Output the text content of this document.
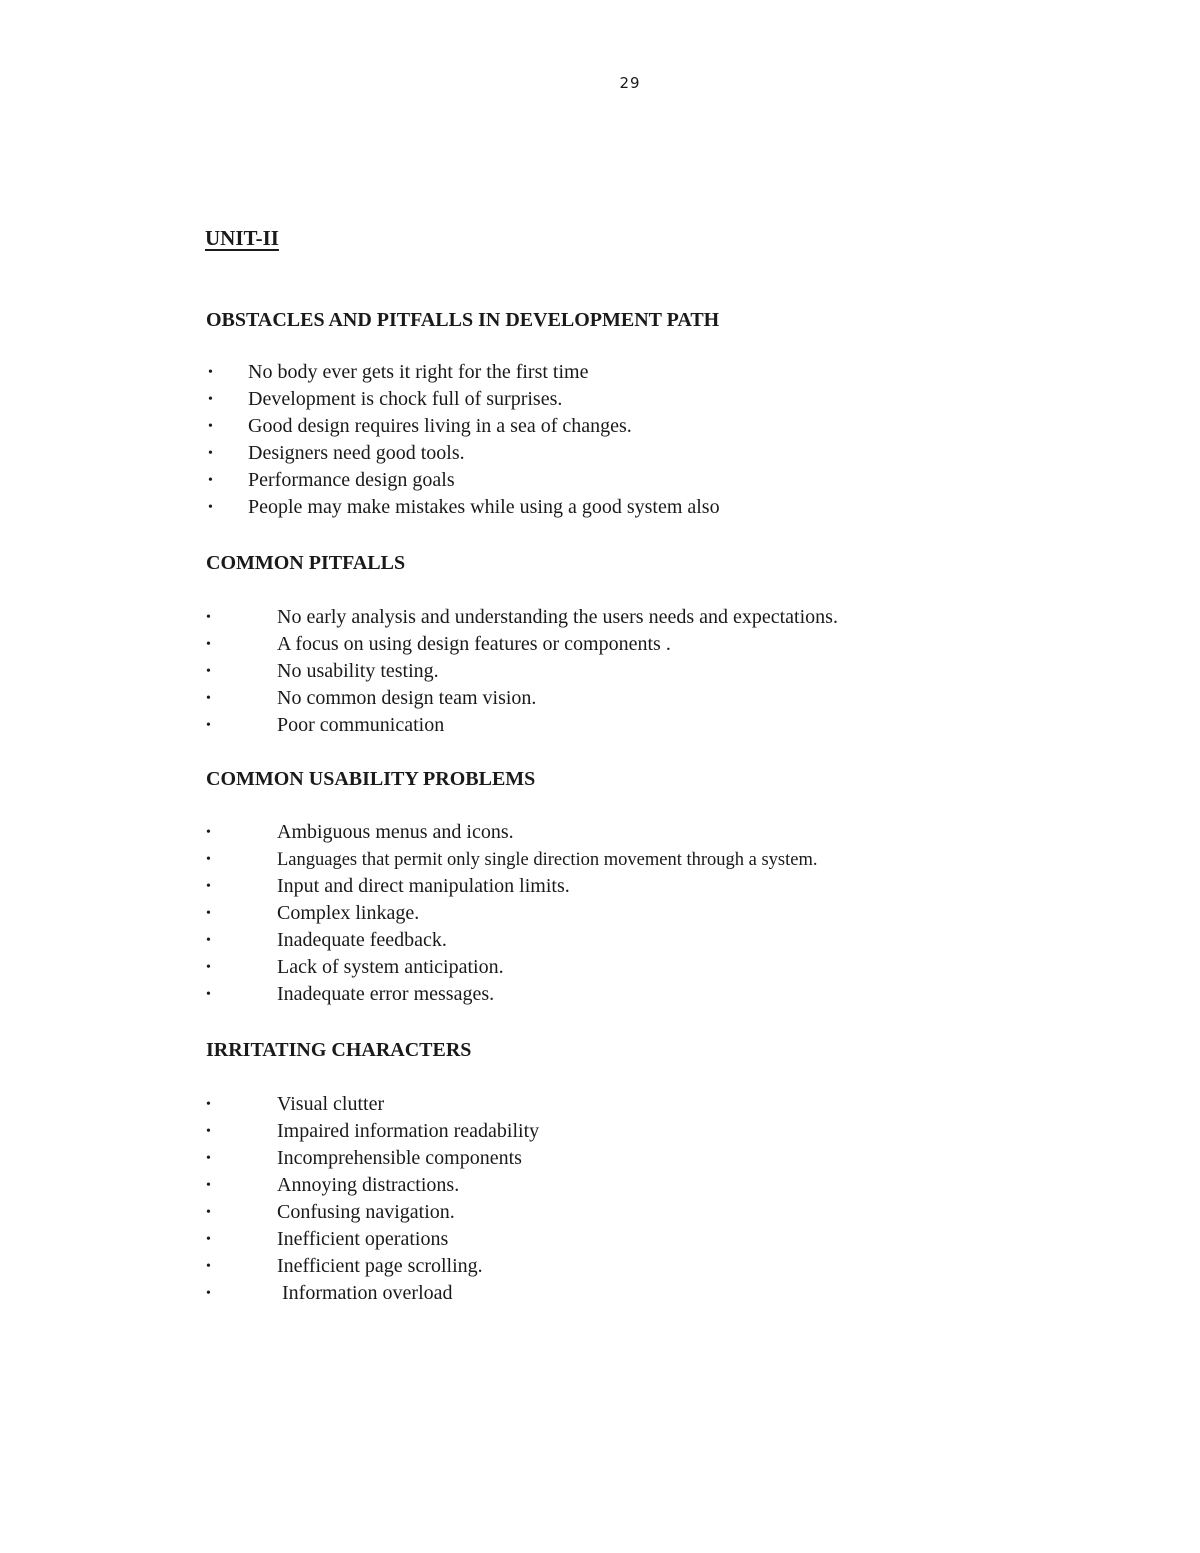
29
UNIT-II
OBSTACLES AND PITFALLS IN DEVELOPMENT PATH
• No body ever gets it right for the first time
• Development is chock full of surprises.
• Good design requires living in a sea of changes.
• Designers need good tools.
• Performance design goals
• People may make mistakes while using a good system also
COMMON PITFALLS
•	No early analysis and understanding the users needs and expectations.
•	A focus on using design features or components .
•	No usability testing.
•	No common design team vision.
•	Poor communication
COMMON USABILITY PROBLEMS
•	Ambiguous menus and icons.
•	Languages that permit only single direction movement through a system.
•	Input and direct manipulation limits.
•	Complex linkage.
•	Inadequate feedback.
•	Lack of system anticipation.
•	Inadequate error messages.
IRRITATING CHARACTERS
•	Visual clutter
•	Impaired information readability
•	Incomprehensible components
•	Annoying distractions.
•	Confusing navigation.
•	Inefficient operations
•	Inefficient page scrolling.
•	Information overload
